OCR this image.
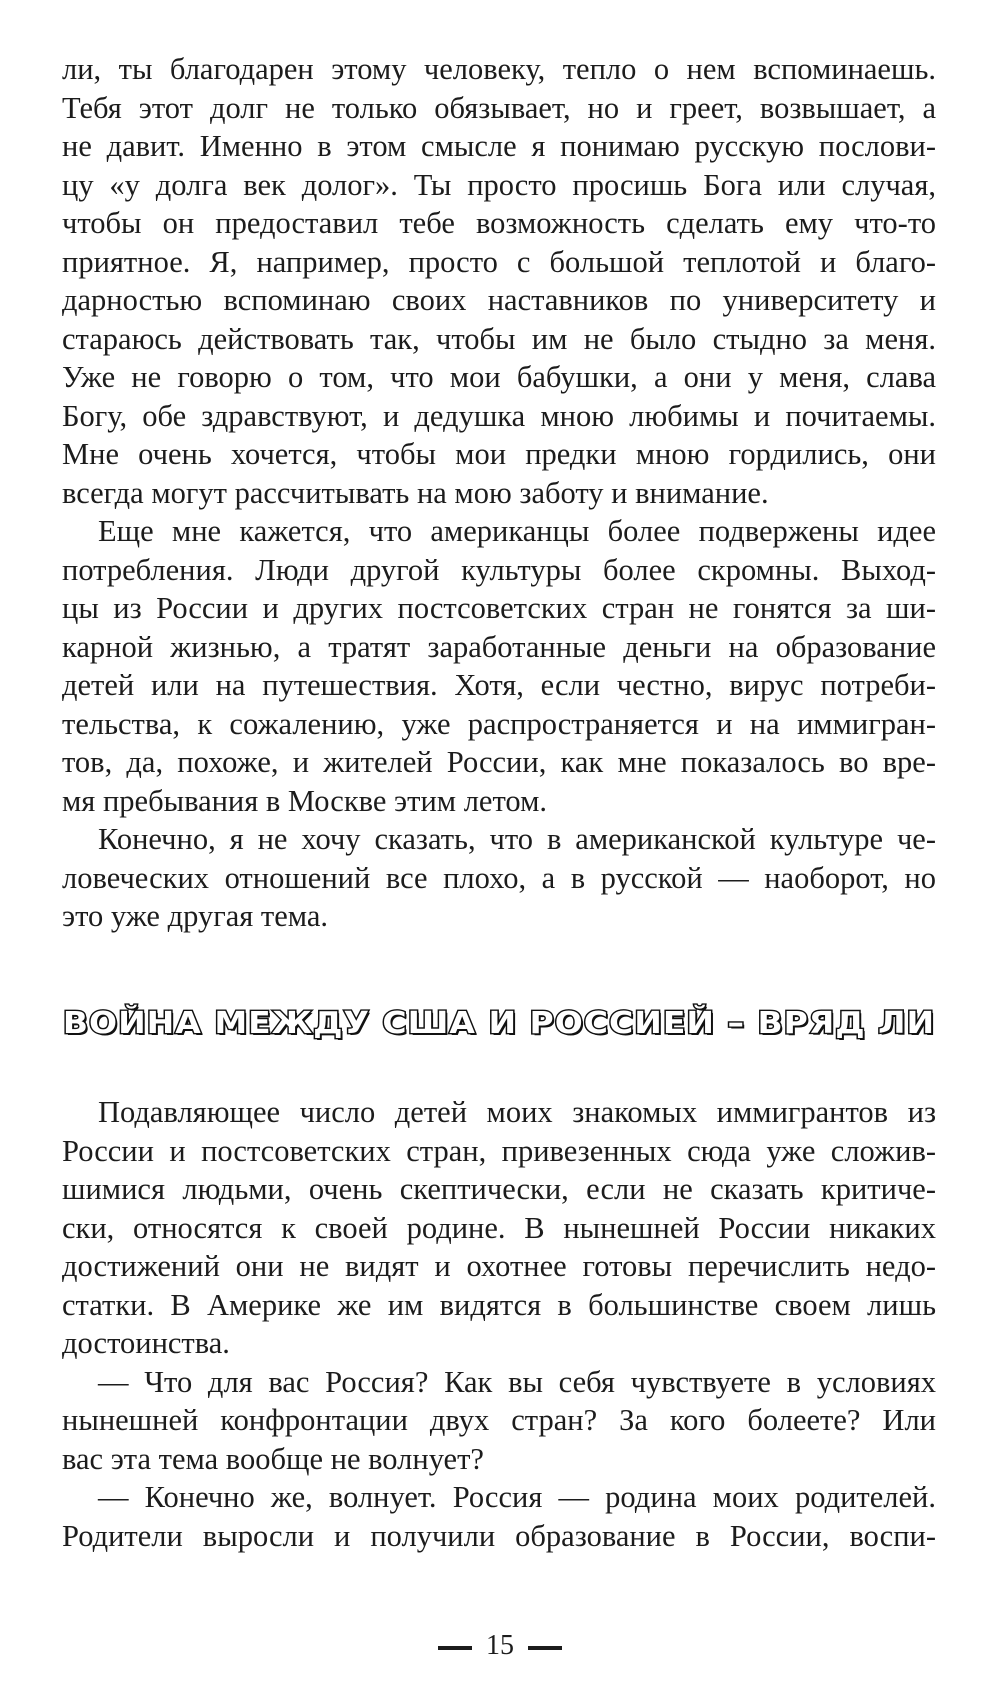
ли, ты благодарен этому человеку, тепло о нем вспоминаешь.
Тебя этот долг не только обязывает, но и греет, возвышает, а
не давит. Именно в этом смысле я понимаю русскую послови-
цу «у долга век долог». Ты просто просишь Бога или случая,
чтобы он предоставил тебе возможность сделать ему что-то
приятное. Я, например, просто с большой теплотой и благо-
дарностью вспоминаю своих наставников по университету и
стараюсь действовать так, чтобы им не было стыдно за меня.
Уже не говорю о том, что мои бабушки, а они у меня, слава
Богу, обе здравствуют, и дедушка мною любимы и почитаемы.
Мне очень хочется, чтобы мои предки мною гордились, они
всегда могут рассчитывать на мою заботу и внимание.
Еще мне кажется, что американцы более подвержены идее
потребления. Люди другой культуры более скромны. Выход-
цы из России и других постсоветских стран не гонятся за ши-
карной жизнью, а тратят заработанные деньги на образование
детей или на путешествия. Хотя, если честно, вирус потреби-
тельства, к сожалению, уже распространяется и на иммигран-
тов, да, похоже, и жителей России, как мне показалось во вре-
мя пребывания в Москве этим летом.
Конечно, я не хочу сказать, что в американской культуре че-
ловеческих отношений все плохо, а в русской — наоборот, но
это уже другая тема.
ВОЙНА МЕЖДУ США И РОССИЕЙ – ВРЯД ЛИ
Подавляющее число детей моих знакомых иммигрантов из
России и постсоветских стран, привезенных сюда уже сложив-
шимися людьми, очень скептически, если не сказать критиче-
ски, относятся к своей родине. В нынешней России никаких
достижений они не видят и охотнее готовы перечислить недо-
статки. В Америке же им видятся в большинстве своем лишь
достоинства.
— Что для вас Россия? Как вы себя чувствуете в условиях
нынешней конфронтации двух стран? За кого болеете? Или
вас эта тема вообще не волнует?
— Конечно же, волнует. Россия — родина моих родителей.
Родители выросли и получили образование в России, воспи-
15
